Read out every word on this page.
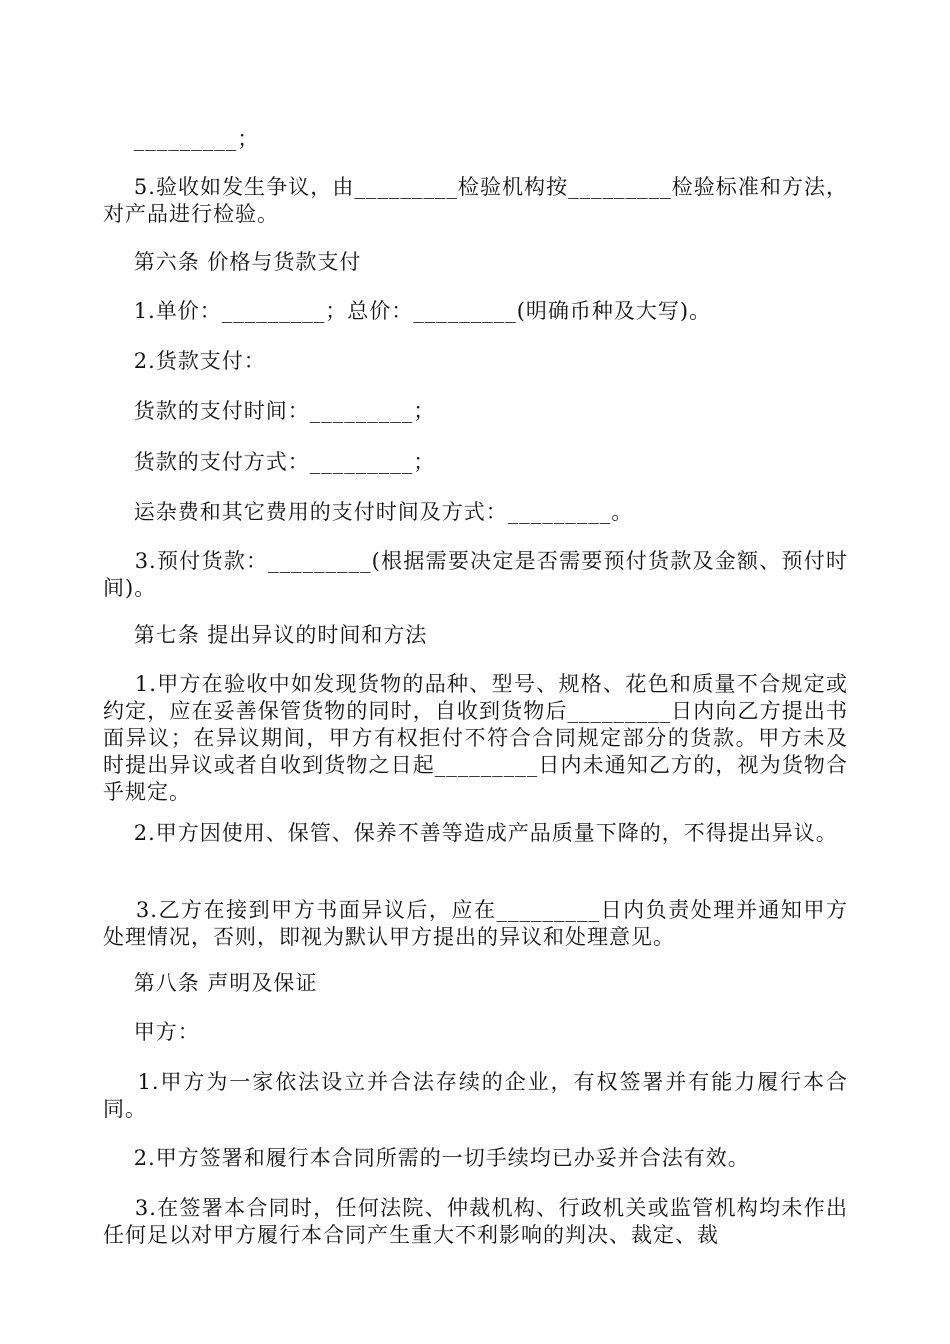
_________；

5.验收如发生争议，由_________检验机构按_________检验标准和方法，对产品进行检验。

第六条 价格与货款支付

1.单价：_________；总价：_________(明确币种及大写)。

2.货款支付：

货款的支付时间：_________；

货款的支付方式：_________；

运杂费和其它费用的支付时间及方式：_________。

3.预付货款：_________(根据需要决定是否需要预付货款及金额、预付时间)。

第七条 提出异议的时间和方法

1.甲方在验收中如发现货物的品种、型号、规格、花色和质量不合规定或约定，应在妥善保管货物的同时，自收到货物后_________日内向乙方提出书面异议；在异议期间，甲方有权拒付不符合合同规定部分的货款。甲方未及时提出异议或者自收到货物之日起_________日内未通知乙方的，视为货物合乎规定。

2.甲方因使用、保管、保养不善等造成产品质量下降的，不得提出异议。

3.乙方在接到甲方书面异议后，应在_________日内负责处理并通知甲方处理情况，否则，即视为默认甲方提出的异议和处理意见。

第八条 声明及保证

甲方：

1.甲方为一家依法设立并合法存续的企业，有权签署并有能力履行本合同。

2.甲方签署和履行本合同所需的一切手续均已办妥并合法有效。

3.在签署本合同时，任何法院、仲裁机构、行政机关或监管机构均未作出任何足以对甲方履行本合同产生重大不利影响的判决、裁定、裁
